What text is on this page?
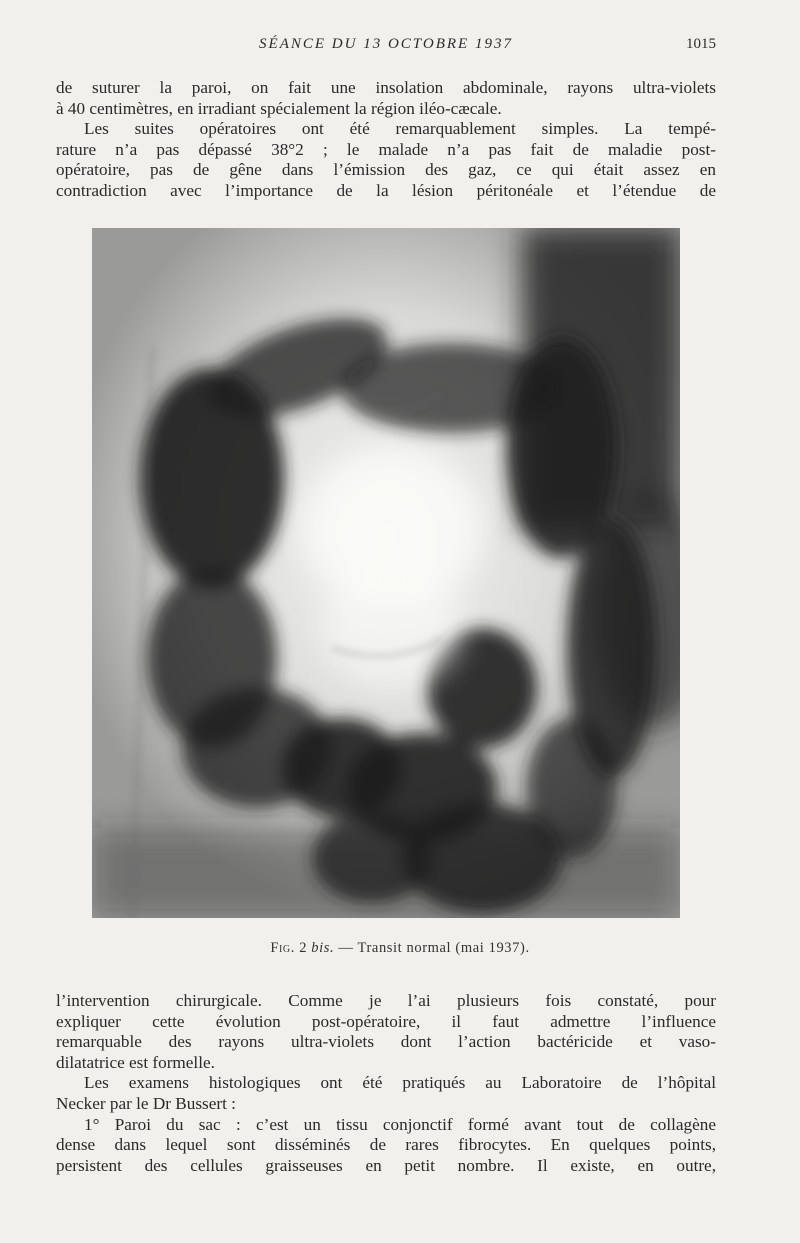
SÉANCE DU 13 OCTOBRE 1937	1015
de suturer la paroi, on fait une insolation abdominale, rayons ultra-violets
à 40 centimètres, en irradiant spécialement la région iléo-cæcale.
Les suites opératoires ont été remarquablement simples. La tempé-
rature n’a pas dépassé 38°2 ; le malade n’a pas fait de maladie post-
opératoire, pas de gêne dans l’émission des gaz, ce qui était assez en
contradiction avec l’importance de la lésion péritonéale et l’étendue de
Fig. 2 bis. — Transit normal (mai 1937).
l’intervention chirurgicale. Comme je l’ai plusieurs fois constaté, pour
expliquer cette évolution post-opératoire, il faut admettre l’influence
remarquable des rayons ultra-violets dont l’action bactéricide et vaso-
dilatatrice est formelle.
Les examens histologiques ont été pratiqués au Laboratoire de l’hôpital
Necker par le Dr Bussert :
1° Paroi du sac : c’est un tissu conjonctif formé avant tout de collagène
dense dans lequel sont disséminés de rares fibrocytes. En quelques points,
persistent des cellules graisseuses en petit nombre. Il existe, en outre,
